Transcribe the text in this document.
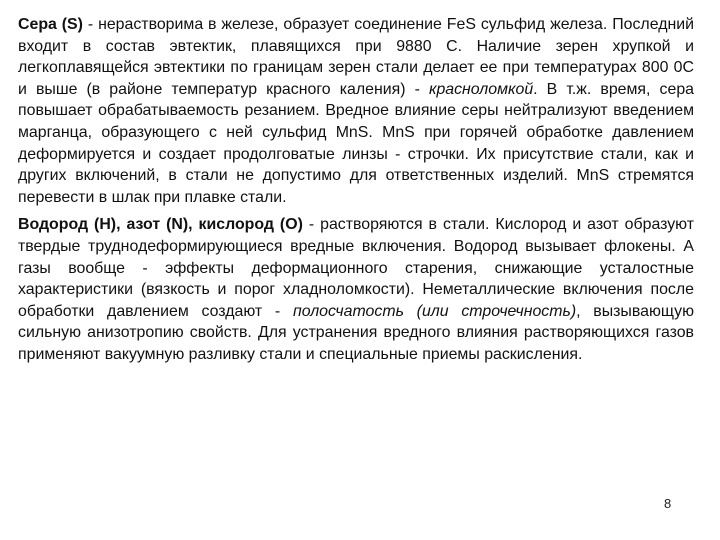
Сера (S) - нерастворима в железе, образует соединение FeS сульфид железа. Последний входит в состав эвтектик, плавящихся при 9880 С. Наличие зерен хрупкой и легкоплавящейся эвтектики по границам зерен стали делает ее при температурах 800 0С и выше (в районе температур красного каления) - красноломкой. В т.ж. время, сера повышает обрабатываемость резанием. Вредное влияние серы нейтрализуют введением марганца, образующего с ней сульфид MnS. MnS при горячей обработке давлением деформируется и создает продолговатые линзы - строчки. Их присутствие стали, как и других включений, в стали не допустимо для ответственных изделий. MnS стремятся перевести в шлак при плавке стали.

Водород (Н), азот (N), кислород (О) - растворяются в стали. Кислород и азот образуют твердые труднодеформирующиеся вредные включения. Водород вызывает флокены. А газы вообще - эффекты деформационного старения, снижающие усталостные характеристики (вязкость и порог хладноломкости). Неметаллические включения после обработки давлением создают - полосчатость (или строчечность), вызывающую сильную анизотропию свойств. Для устранения вредного влияния растворяющихся газов применяют вакуумную разливку стали и специальные приемы раскисления.

8
